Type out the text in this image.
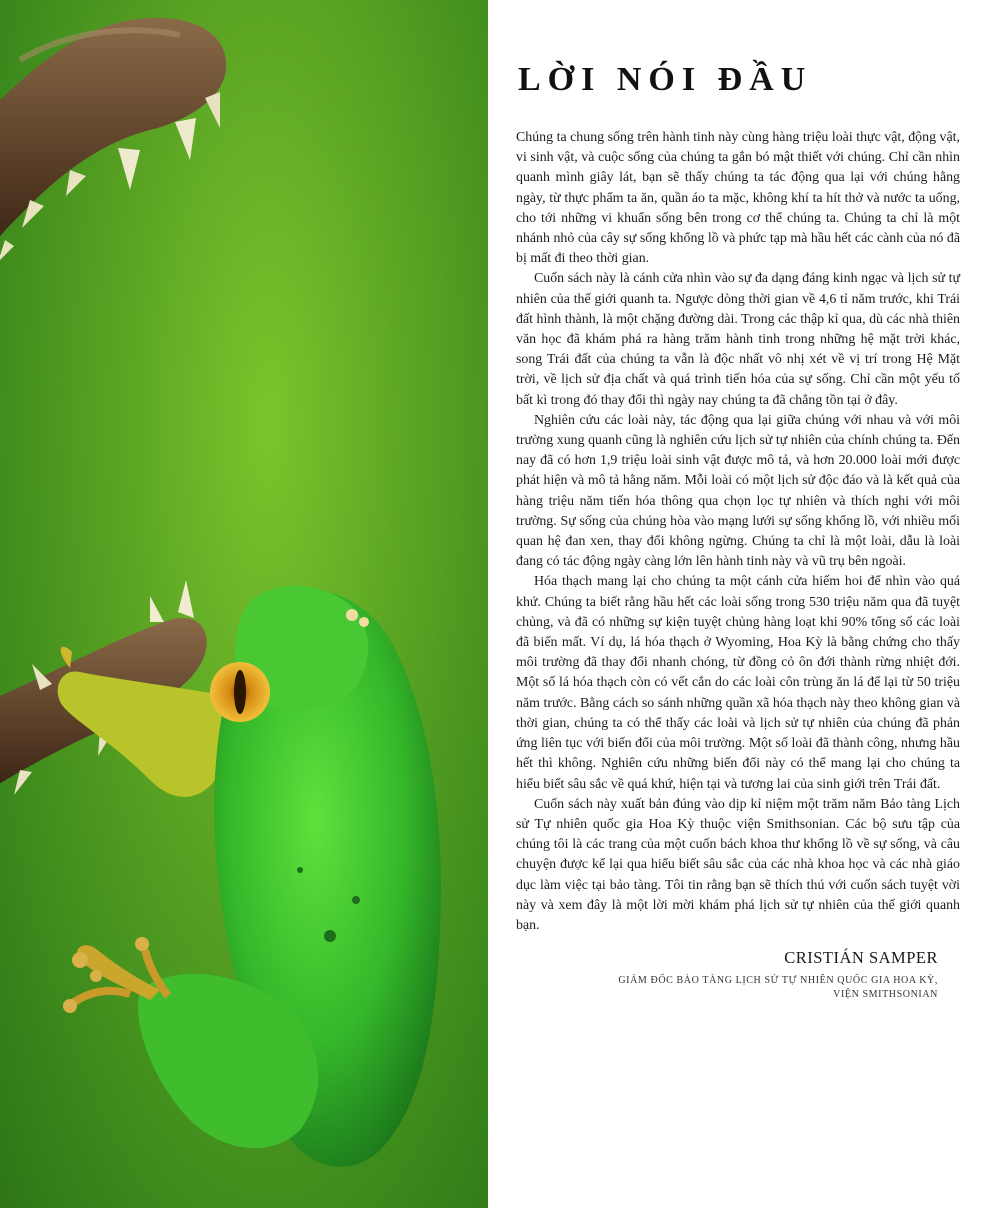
LỜI NÓI ĐẦU

Chúng ta chung sống trên hành tinh này cùng hàng triệu loài thực vật, động vật, vi sinh vật, và cuộc sống của chúng ta gắn bó mật thiết với chúng. Chỉ cần nhìn quanh mình giây lát, bạn sẽ thấy chúng ta tác động qua lại với chúng hằng ngày, từ thực phẩm ta ăn, quần áo ta mặc, không khí ta hít thở và nước ta uống, cho tới những vi khuẩn sống bên trong cơ thể chúng ta. Chúng ta chỉ là một nhánh nhỏ của cây sự sống khổng lồ và phức tạp mà hầu hết các cành của nó đã bị mất đi theo thời gian.

Cuốn sách này là cánh cửa nhìn vào sự đa dạng đáng kinh ngạc và lịch sử tự nhiên của thế giới quanh ta. Ngược dòng thời gian về 4,6 tỉ năm trước, khi Trái đất hình thành, là một chặng đường dài. Trong các thập kỉ qua, dù các nhà thiên văn học đã khám phá ra hàng trăm hành tinh trong những hệ mặt trời khác, song Trái đất của chúng ta vẫn là độc nhất vô nhị xét về vị trí trong Hệ Mặt trời, về lịch sử địa chất và quá trình tiến hóa của sự sống. Chỉ cần một yếu tố bất kì trong đó thay đổi thì ngày nay chúng ta đã chẳng tồn tại ở đây.

Nghiên cứu các loài này, tác động qua lại giữa chúng với nhau và với môi trường xung quanh cũng là nghiên cứu lịch sử tự nhiên của chính chúng ta. Đến nay đã có hơn 1,9 triệu loài sinh vật được mô tả, và hơn 20.000 loài mới được phát hiện và mô tả hằng năm. Mỗi loài có một lịch sử độc đáo và là kết quả của hàng triệu năm tiến hóa thông qua chọn lọc tự nhiên và thích nghi với môi trường. Sự sống của chúng hòa vào mạng lưới sự sống khổng lồ, với nhiều mối quan hệ đan xen, thay đổi không ngừng. Chúng ta chỉ là một loài, dẫu là loài đang có tác động ngày càng lớn lên hành tinh này và vũ trụ bên ngoài.

Hóa thạch mang lại cho chúng ta một cánh cửa hiếm hoi để nhìn vào quá khứ. Chúng ta biết rằng hầu hết các loài sống trong 530 triệu năm qua đã tuyệt chủng, và đã có những sự kiện tuyệt chủng hàng loạt khi 90% tổng số các loài đã biến mất. Ví dụ, lá hóa thạch ở Wyoming, Hoa Kỳ là bằng chứng cho thấy môi trường đã thay đổi nhanh chóng, từ đồng cỏ ôn đới thành rừng nhiệt đới. Một số lá hóa thạch còn có vết cắn do các loài côn trùng ăn lá để lại từ 50 triệu năm trước. Bằng cách so sánh những quần xã hóa thạch này theo không gian và thời gian, chúng ta có thể thấy các loài và lịch sử tự nhiên của chúng đã phản ứng liên tục với biến đổi của môi trường. Một số loài đã thành công, nhưng hầu hết thì không. Nghiên cứu những biến đổi này có thể mang lại cho chúng ta hiểu biết sâu sắc về quá khứ, hiện tại và tương lai của sinh giới trên Trái đất.

Cuốn sách này xuất bản đúng vào dịp kỉ niệm một trăm năm Bảo tàng Lịch sử Tự nhiên quốc gia Hoa Kỳ thuộc viện Smithsonian. Các bộ sưu tập của chúng tôi là các trang của một cuốn bách khoa thư khổng lồ về sự sống, và câu chuyện được kể lại qua hiểu biết sâu sắc của các nhà khoa học và các nhà giáo dục làm việc tại bảo tàng. Tôi tin rằng bạn sẽ thích thú với cuốn sách tuyệt vời này và xem đây là một lời mời khám phá lịch sử tự nhiên của thế giới quanh bạn.

CRISTIÁN SAMPER
GIÁM ĐỐC BẢO TÀNG LỊCH SỬ TỰ NHIÊN QUỐC GIA HOA KỲ,
VIỆN SMITHSONIAN
